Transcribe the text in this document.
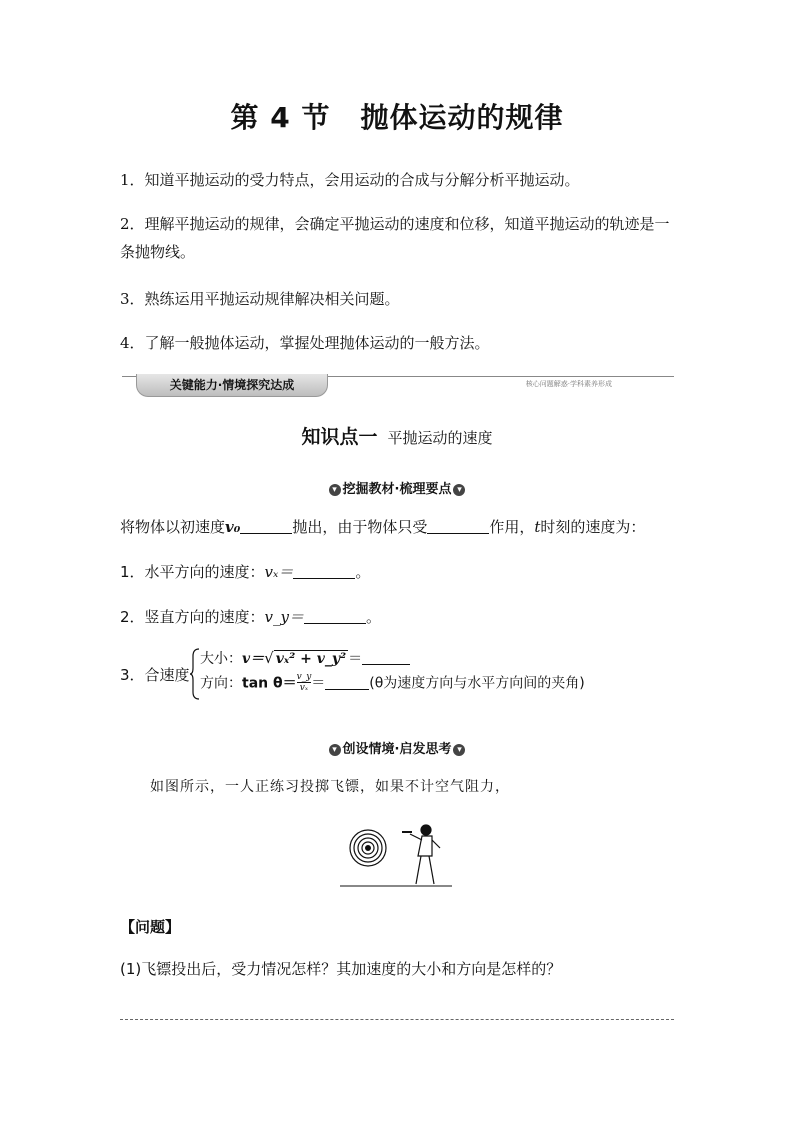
第 4 节 抛体运动的规律
1．知道平抛运动的受力特点，会用运动的合成与分解分析平抛运动。
2．理解平抛运动的规律，会确定平抛运动的速度和位移，知道平抛运动的轨迹是一条抛物线。
3．熟练运用平抛运动规律解决相关问题。
4．了解一般抛体运动，掌握处理抛体运动的一般方法。
关键能力·情境探究达成	核心问题解惑·学科素养形成
知识点一 平抛运动的速度
▾ 挖掘教材·梳理要点 ▾
将物体以初速度v₀	抛出，由于物体只受	作用，t时刻的速度为：
1．水平方向的速度：vₓ＝	。
2．竖直方向的速度：v_y＝	。
3．合速度
大小：v＝√ vₓ² + v_y² ＝
方向：$\tan \theta= \frac{v\_y}{\text{vₓ}}$ ＝	(θ为速度方向与水平方向间的夹角)
▾ 创设情境·启发思考 ▾
如图所示，一人正练习投掷飞镖，如果不计空气阻力，
【问题】
(1)飞镖投出后，受力情况怎样？其加速度的大小和方向是怎样的？
